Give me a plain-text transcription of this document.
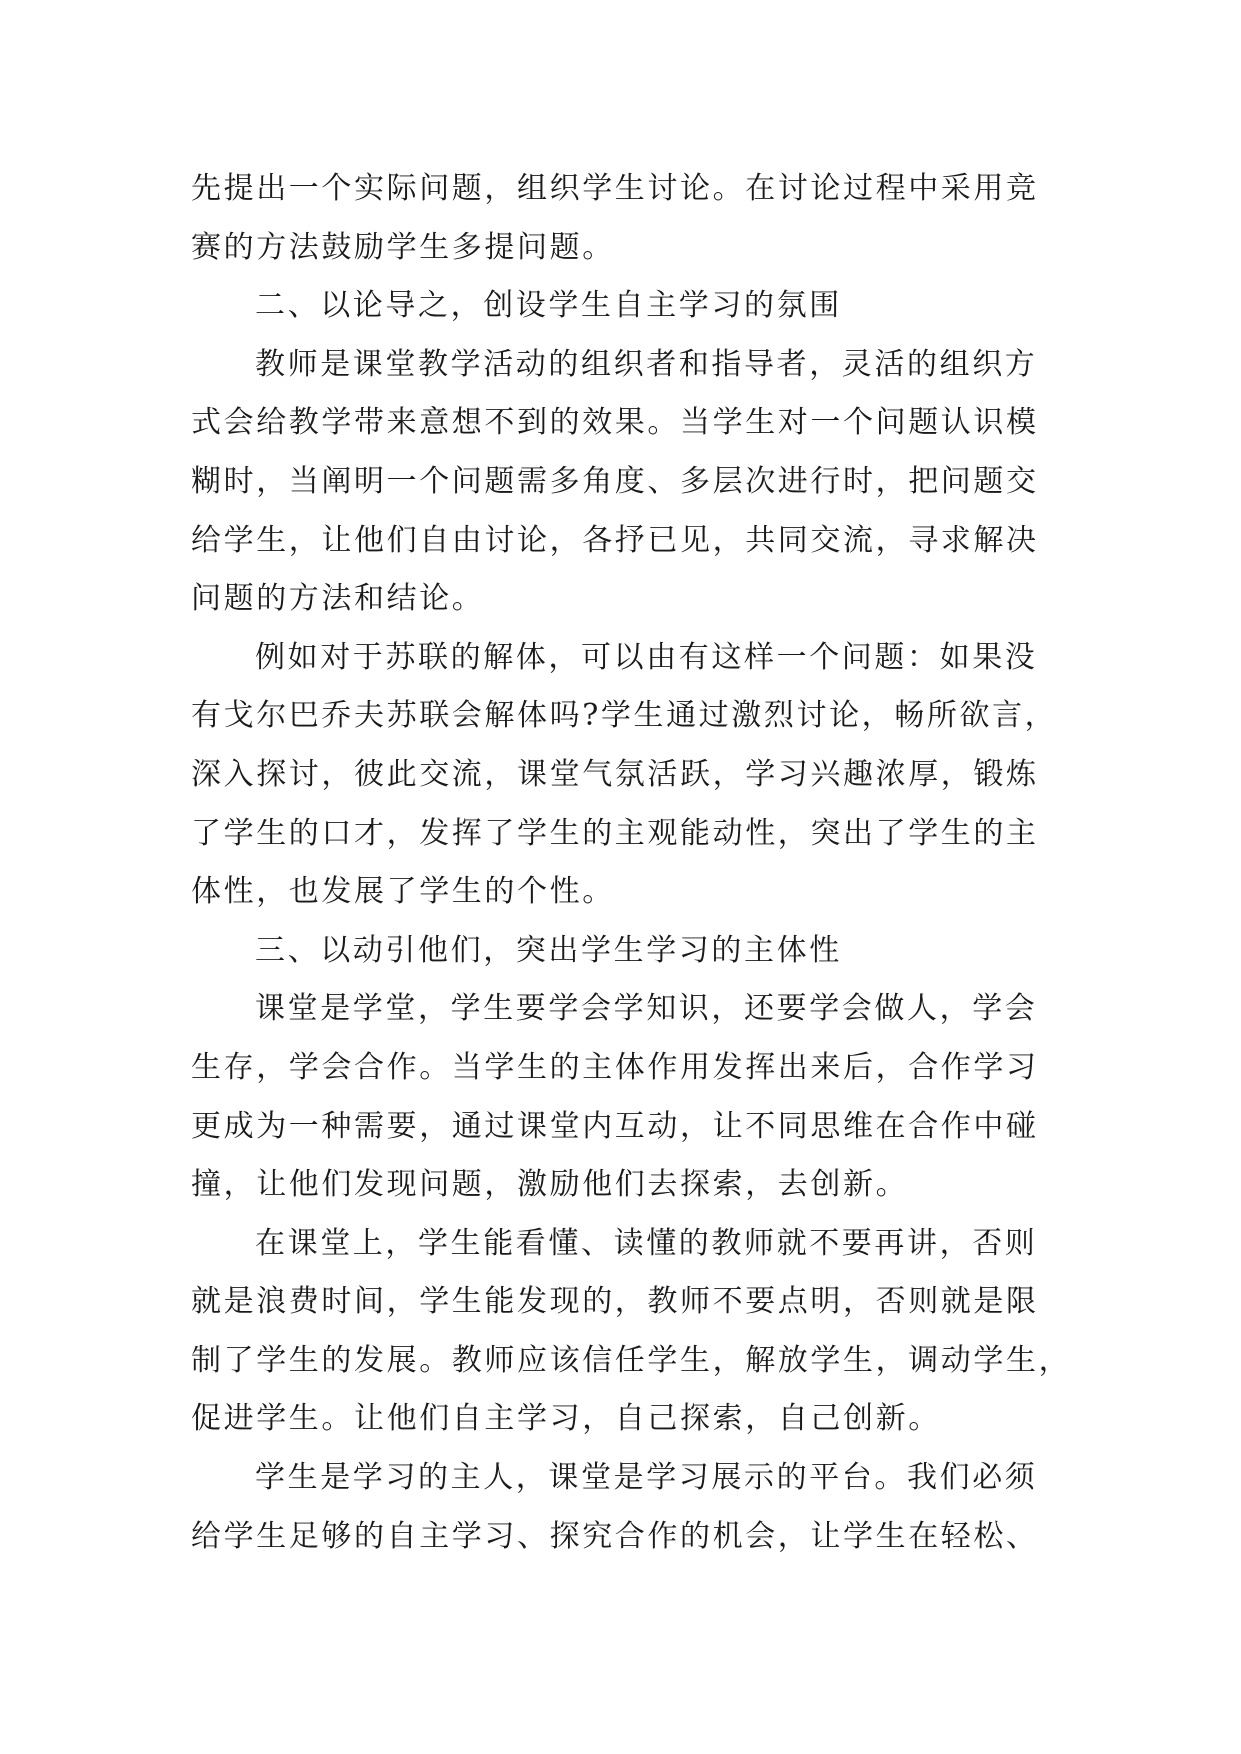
先提出一个实际问题，组织学生讨论。在讨论过程中采用竞
赛的方法鼓励学生多提问题。
二、以论导之，创设学生自主学习的氛围
教师是课堂教学活动的组织者和指导者，灵活的组织方
式会给教学带来意想不到的效果。当学生对一个问题认识模
糊时，当阐明一个问题需多角度、多层次进行时，把问题交
给学生，让他们自由讨论，各抒已见，共同交流，寻求解决
问题的方法和结论。
例如对于苏联的解体，可以由有这样一个问题：如果没
有戈尔巴乔夫苏联会解体吗?学生通过激烈讨论，畅所欲言，
深入探讨，彼此交流，课堂气氛活跃，学习兴趣浓厚，锻炼
了学生的口才，发挥了学生的主观能动性，突出了学生的主
体性，也发展了学生的个性。
三、以动引他们，突出学生学习的主体性
课堂是学堂，学生要学会学知识，还要学会做人，学会
生存，学会合作。当学生的主体作用发挥出来后，合作学习
更成为一种需要，通过课堂内互动，让不同思维在合作中碰
撞，让他们发现问题，激励他们去探索，去创新。
在课堂上，学生能看懂、读懂的教师就不要再讲，否则
就是浪费时间，学生能发现的，教师不要点明，否则就是限
制了学生的发展。教师应该信任学生，解放学生，调动学生，
促进学生。让他们自主学习，自己探索，自己创新。
学生是学习的主人，课堂是学习展示的平台。我们必须
给学生足够的自主学习、探究合作的机会，让学生在轻松、
